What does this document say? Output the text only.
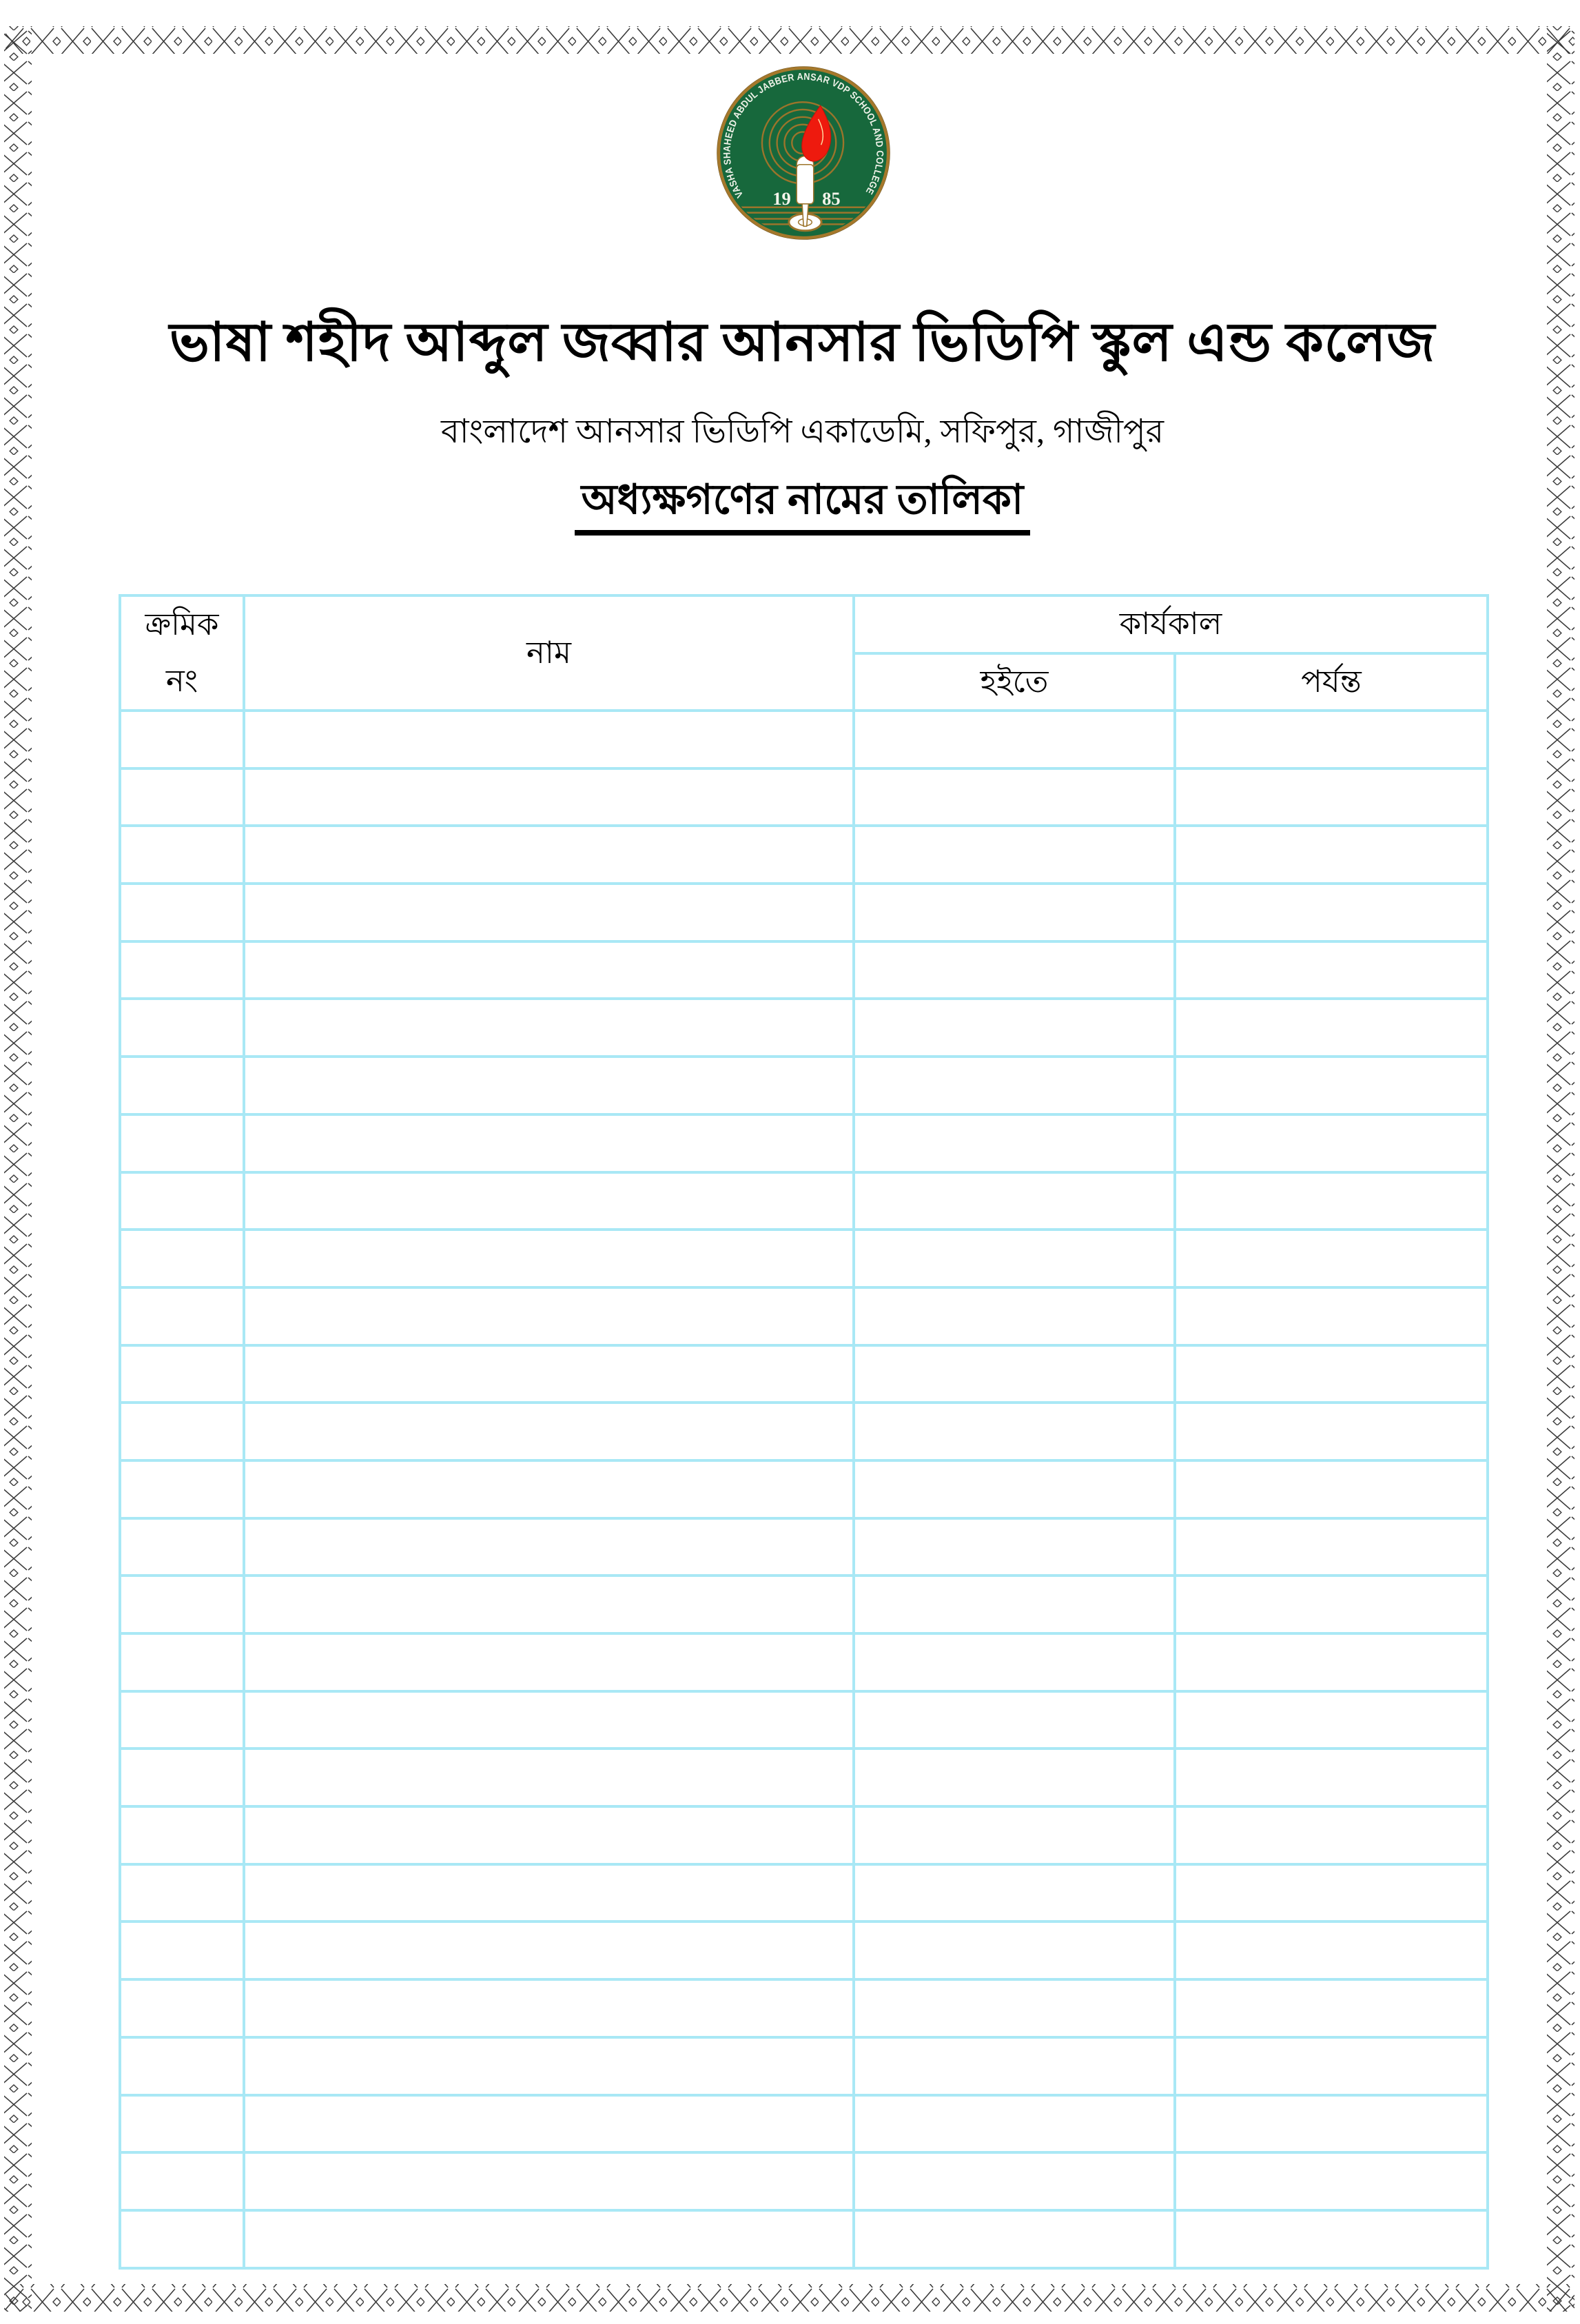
VASHA SHAHEED ABDUL JABBER ANSAR VDP SCHOOL AND COLLEGE
19 85
ভাষা শহীদ আব্দুল জব্বার আনসার ভিডিপি স্কুল এন্ড কলেজ
বাংলাদেশ আনসার ভিডিপি একাডেমি, সফিপুর, গাজীপুর
অধ্যক্ষগণের নামের তালিকা
ক্রমিক
নং	নাম	কার্যকাল	
		হইতে	পর্যন্ত
